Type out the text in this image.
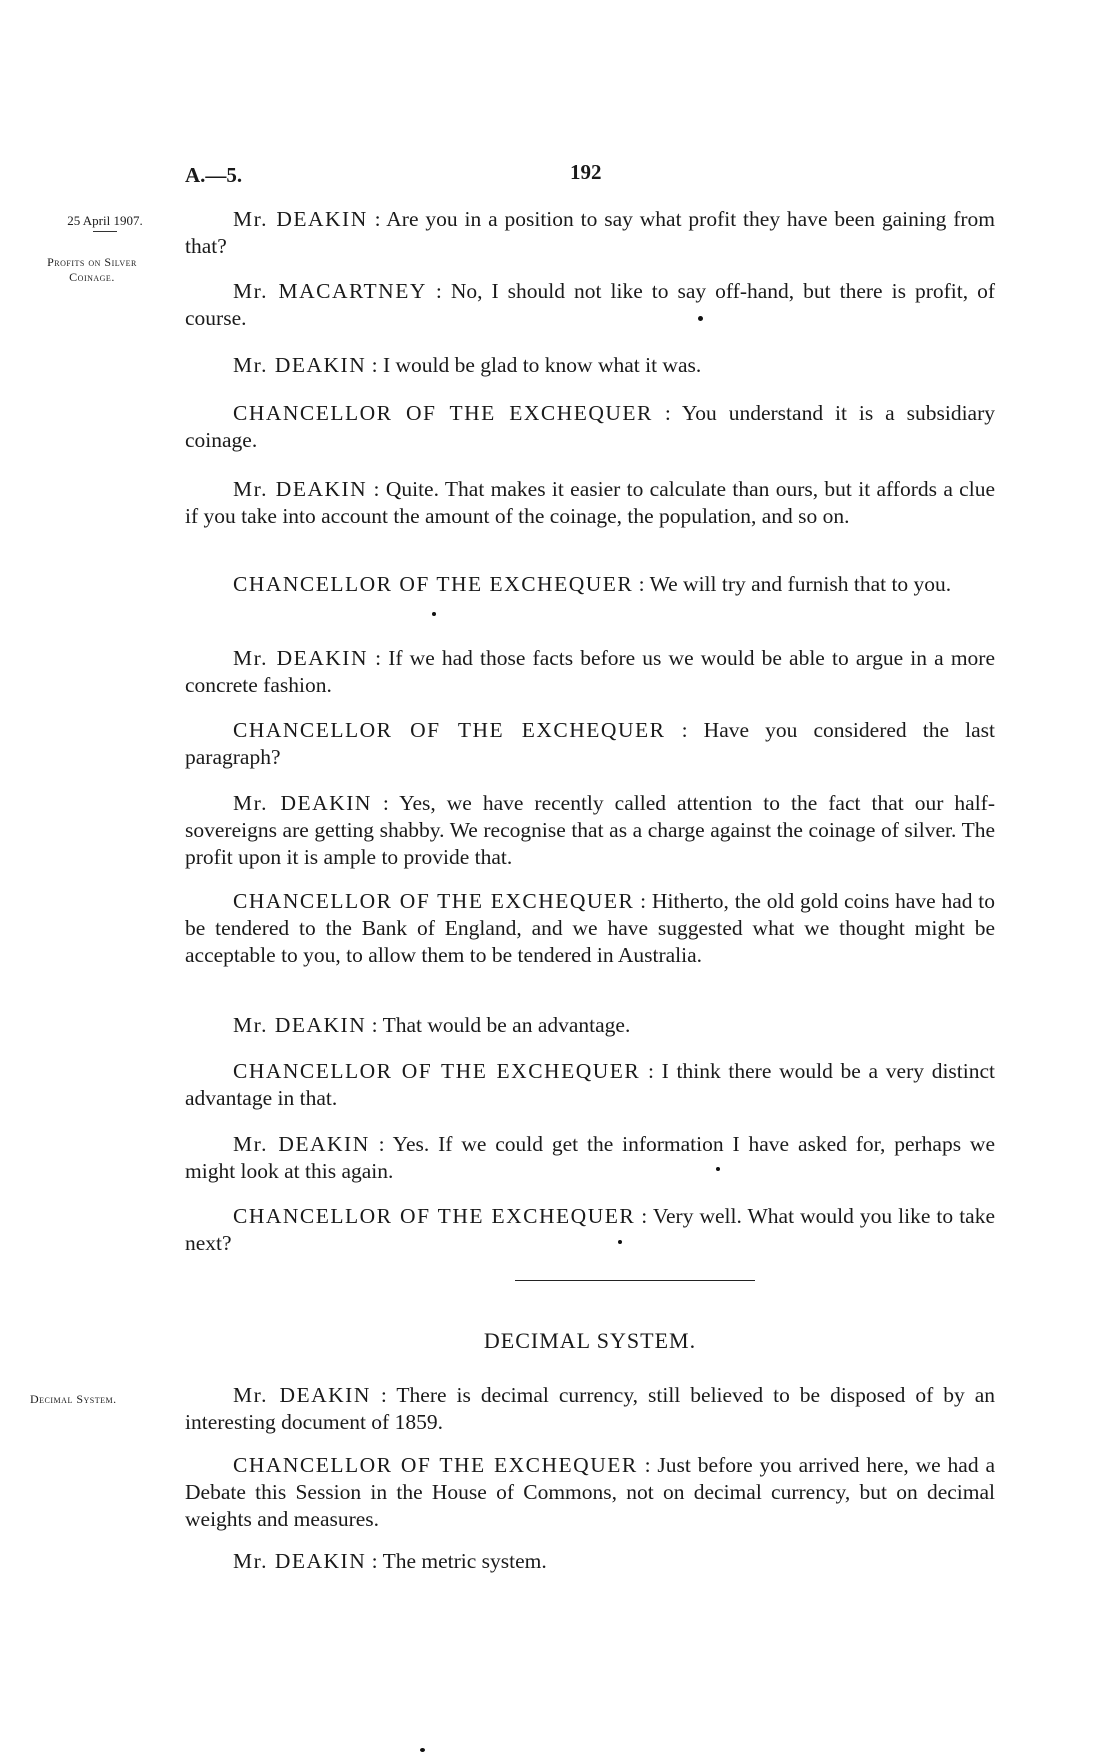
A.—5.	192
25 April 1907.
Profits on Silver Coinage.
Decimal System.

Mr. DEAKIN : Are you in a position to say what profit they have been gaining from that?

Mr. MACARTNEY : No, I should not like to say off-hand, but there is profit, of course.

Mr. DEAKIN : I would be glad to know what it was.

CHANCELLOR OF THE EXCHEQUER : You understand it is a subsidiary coinage.

Mr. DEAKIN : Quite. That makes it easier to calculate than ours, but it affords a clue if you take into account the amount of the coinage, the population, and so on.

CHANCELLOR OF THE EXCHEQUER : We will try and furnish that to you.

Mr. DEAKIN : If we had those facts before us we would be able to argue in a more concrete fashion.

CHANCELLOR OF THE EXCHEQUER : Have you considered the last paragraph?

Mr. DEAKIN : Yes, we have recently called attention to the fact that our half-sovereigns are getting shabby. We recognise that as a charge against the coinage of silver. The profit upon it is ample to provide that.

CHANCELLOR OF THE EXCHEQUER : Hitherto, the old gold coins have had to be tendered to the Bank of England, and we have suggested what we thought might be acceptable to you, to allow them to be tendered in Australia.

Mr. DEAKIN : That would be an advantage.

CHANCELLOR OF THE EXCHEQUER : I think there would be a very distinct advantage in that.

Mr. DEAKIN : Yes. If we could get the information I have asked for, perhaps we might look at this again.

CHANCELLOR OF THE EXCHEQUER : Very well. What would you like to take next?

DECIMAL SYSTEM.

Mr. DEAKIN : There is decimal currency, still believed to be disposed of by an interesting document of 1859.

CHANCELLOR OF THE EXCHEQUER : Just before you arrived here, we had a Debate this Session in the House of Commons, not on decimal currency, but on decimal weights and measures.

Mr. DEAKIN : The metric system.
